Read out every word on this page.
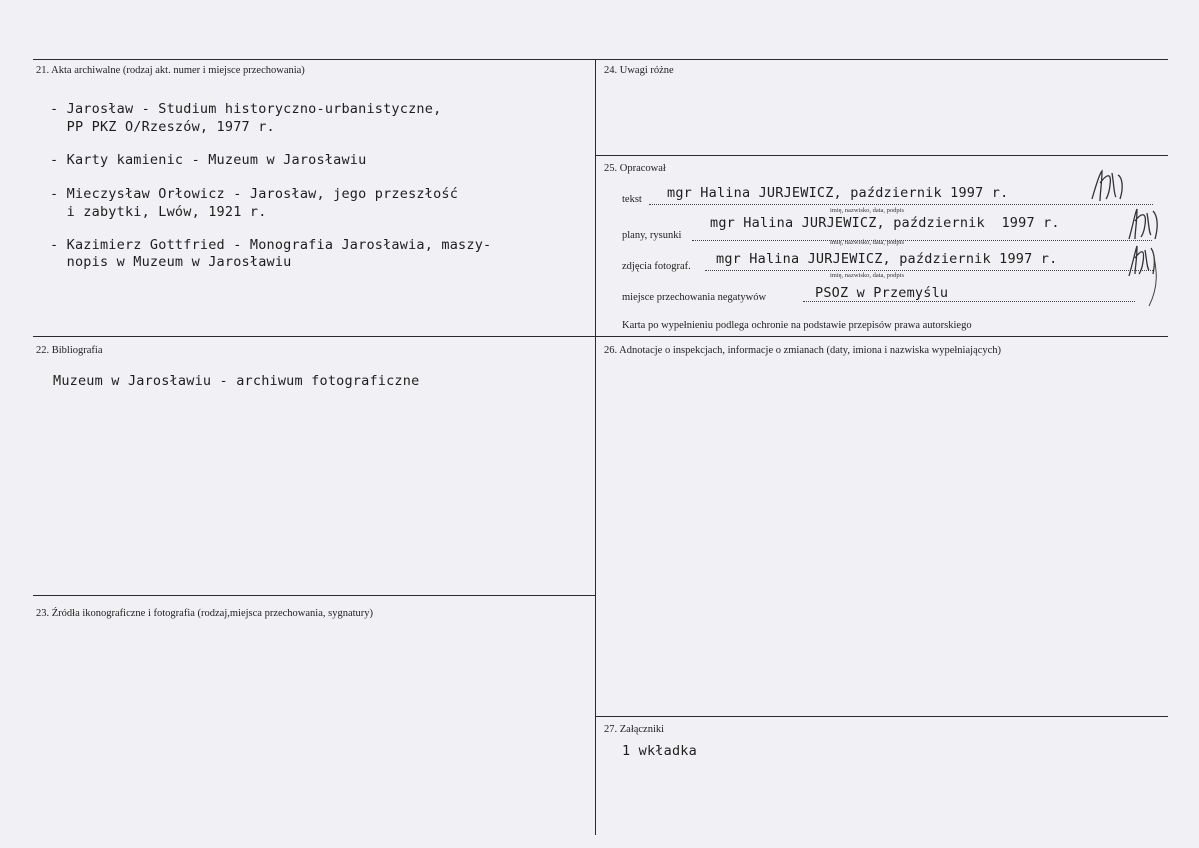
21. Akta archiwalne (rodzaj akt. numer i miejsce przechowania)
- Jarosław - Studium historyczno-urbanistyczne,
PP PKZ O/Rzeszów, 1977 r.
- Karty kamienic - Muzeum w Jarosławiu
- Mieczysław Orłowicz - Jarosław, jego przeszłość
i zabytki, Lwów, 1921 r.
- Kazimierz Gottfried - Monografia Jarosławia, maszy-
nopis w Muzeum w Jarosławiu
22. Bibliografia
Muzeum w Jarosławiu - archiwum fotograficzne
23. Źródła ikonograficzne i fotografia (rodzaj,miejsca przechowania, sygnatury)
24. Uwagi różne
25. Opracował
tekst mgr Halina JURJEWICZ, październik 1997 r.
imię, nazwisko, data, podpis
plany, rysunki
mgr Halina JURJEWICZ, październik  1997 r.
imię, nazwisko, data, podpis
zdjęcia fotograf. mgr Halina JURJEWICZ, październik 1997 r.
imię, nazwisko, data, podpis
miejsce przechowania negatywów	PSOZ w Przemyślu
Karta po wypełnieniu podlega ochronie na podstawie przepisów prawa autorskiego
26. Adnotacje o inspekcjach, informacje o zmianach (daty, imiona i nazwiska wypełniających)
27. Załączniki
1 wkładka
